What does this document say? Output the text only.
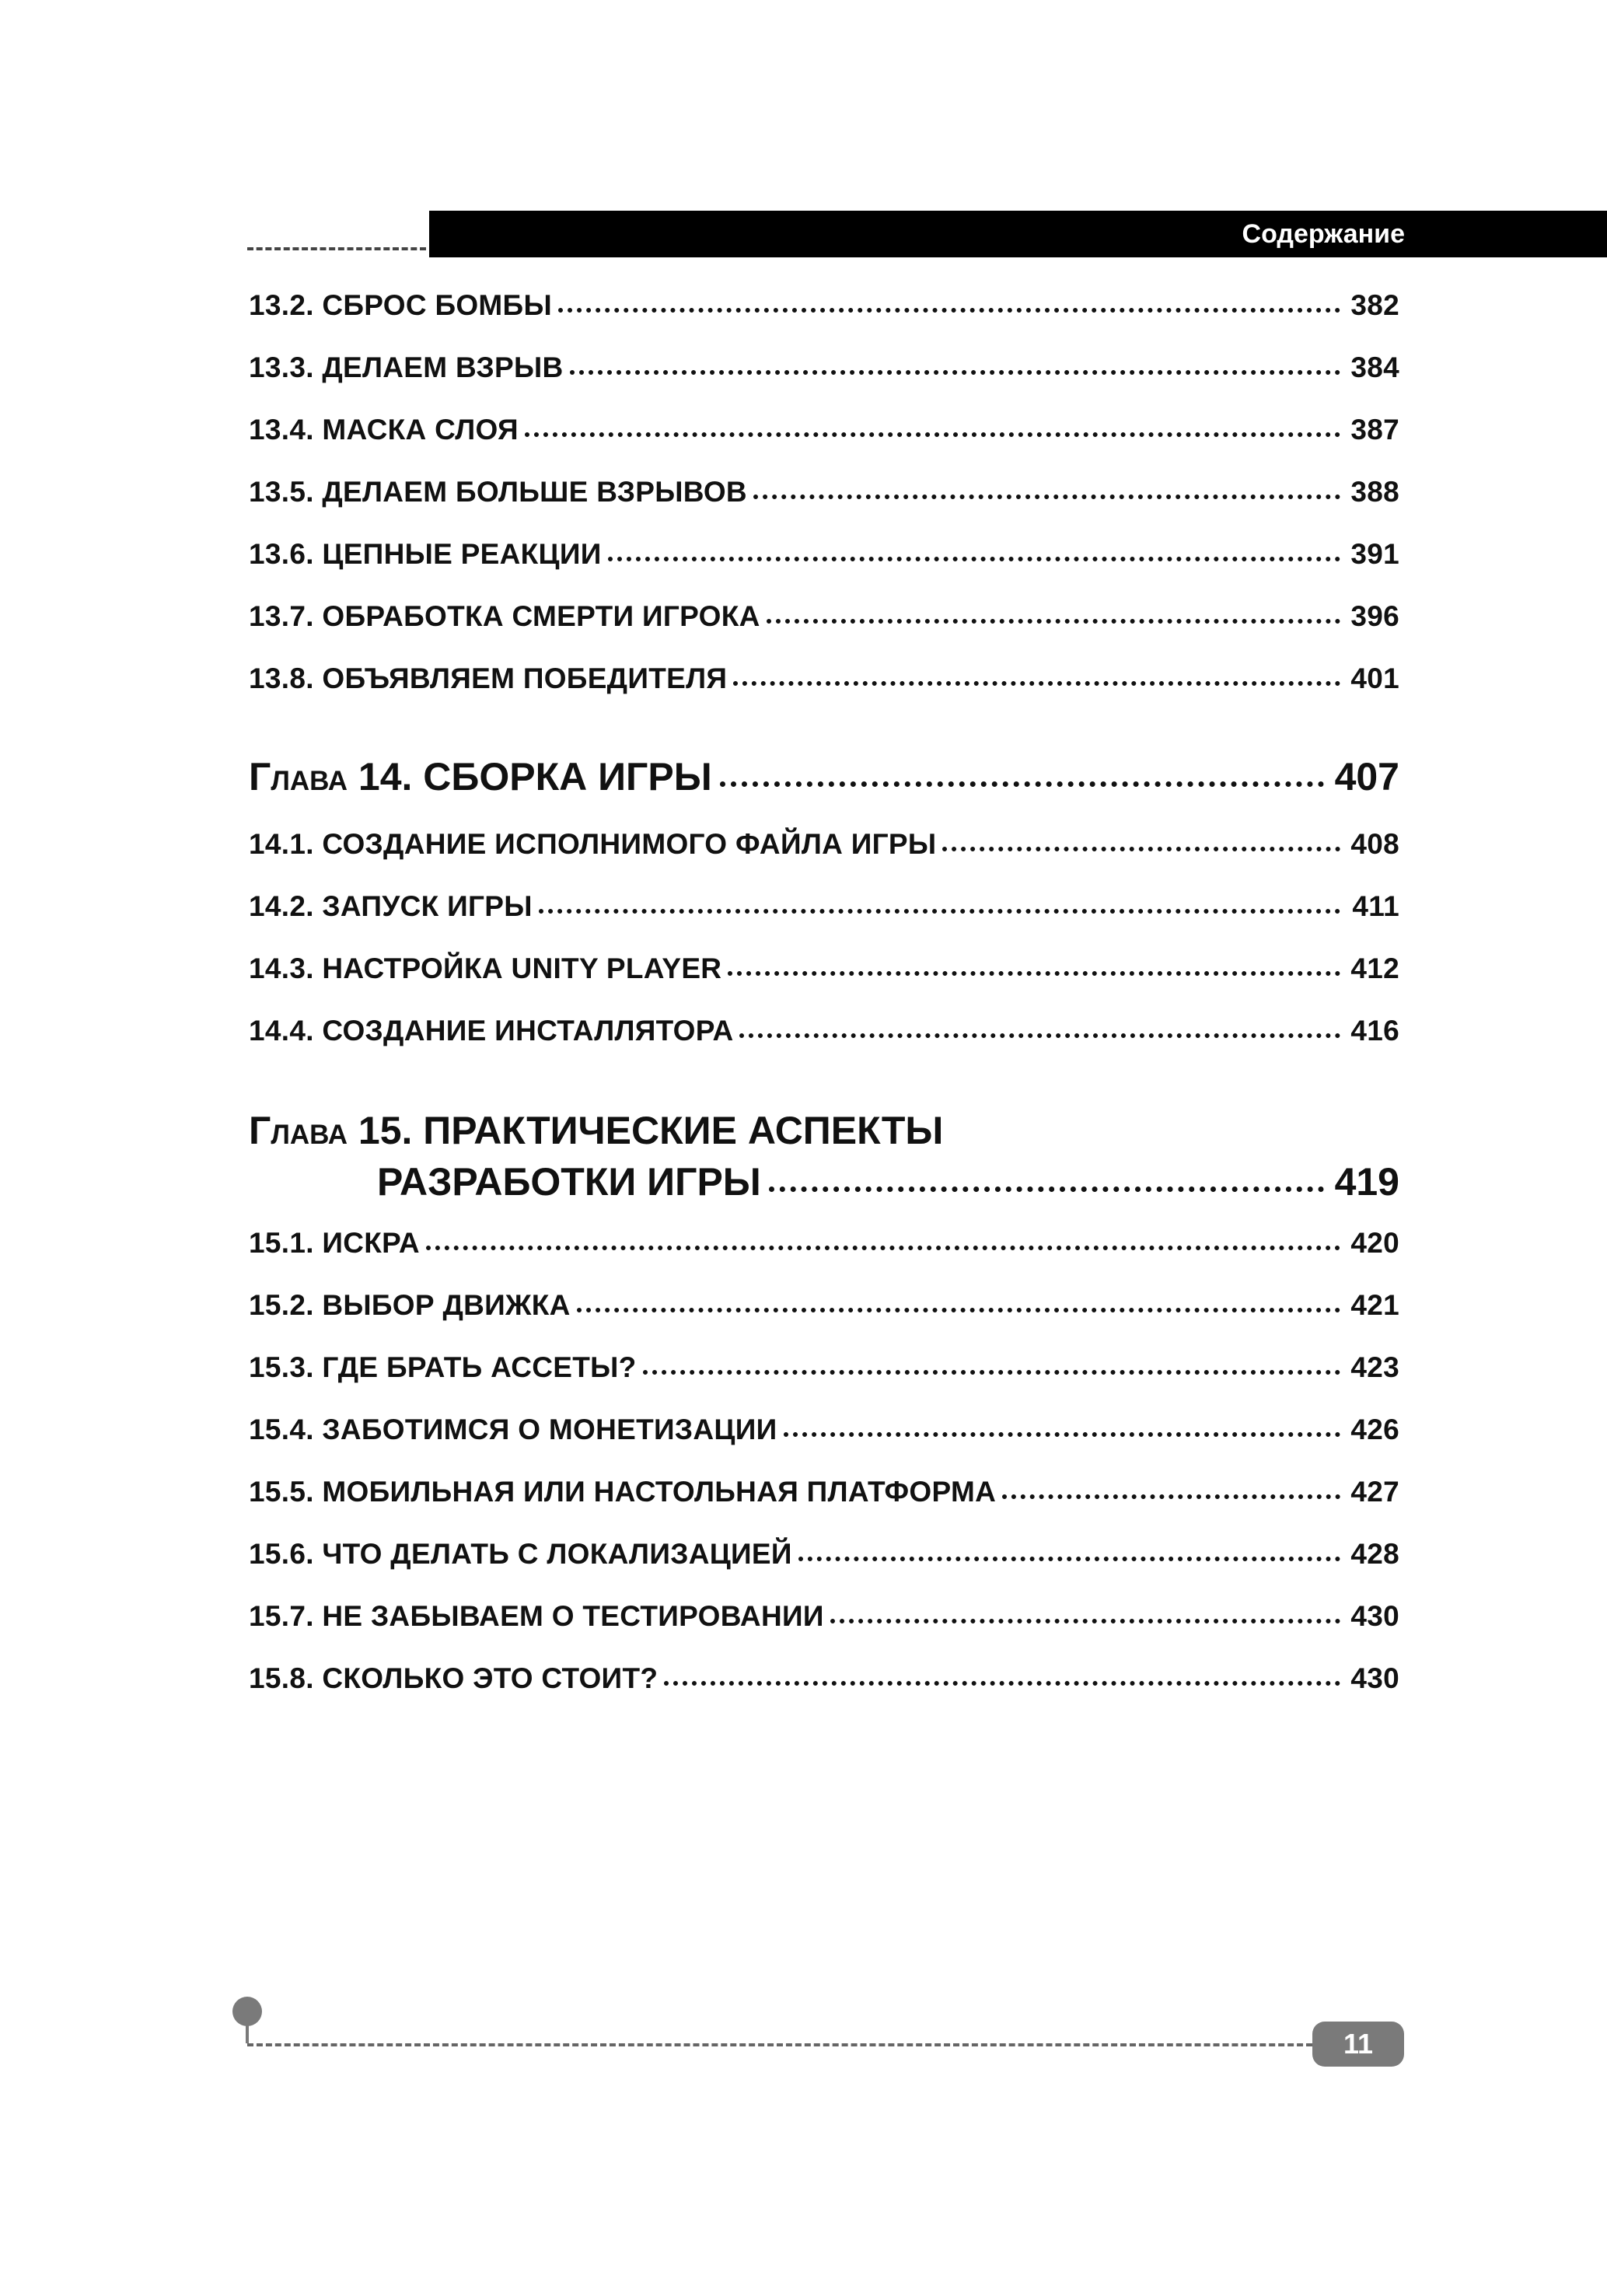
Содержание
13.2. СБРОС БОМБЫ	382
13.3. ДЕЛАЕМ ВЗРЫВ	384
13.4. МАСКА СЛОЯ	387
13.5. ДЕЛАЕМ БОЛЬШЕ ВЗРЫВОВ	388
13.6. ЦЕПНЫЕ РЕАКЦИИ	391
13.7. ОБРАБОТКА СМЕРТИ ИГРОКА	396
13.8. ОБЪЯВЛЯЕМ ПОБЕДИТЕЛЯ	401
Глава
14. СБОРКА ИГРЫ	407
14.1. СОЗДАНИЕ ИСПОЛНИМОГО ФАЙЛА ИГРЫ	408
14.2. ЗАПУСК ИГРЫ	411
14.3. НАСТРОЙКА UNITY PLAYER	412
14.4. СОЗДАНИЕ ИНСТАЛЛЯТОРА	416
Глава 15. ПРАКТИЧЕСКИЕ АСПЕКТЫ
РАЗРАБОТКИ ИГРЫ	419
15.1. ИСКРА	420
15.2. ВЫБОР ДВИЖКА	421
15.3. ГДЕ БРАТЬ АССЕТЫ?	423
15.4. ЗАБОТИМСЯ О МОНЕТИЗАЦИИ	426
15.5. МОБИЛЬНАЯ ИЛИ НАСТОЛЬНАЯ ПЛАТФОРМА	427
15.6. ЧТО ДЕЛАТЬ С ЛОКАЛИЗАЦИЕЙ	428
15.7. НЕ ЗАБЫВАЕМ О ТЕСТИРОВАНИИ	430
15.8. СКОЛЬКО ЭТО СТОИТ?	430
11
